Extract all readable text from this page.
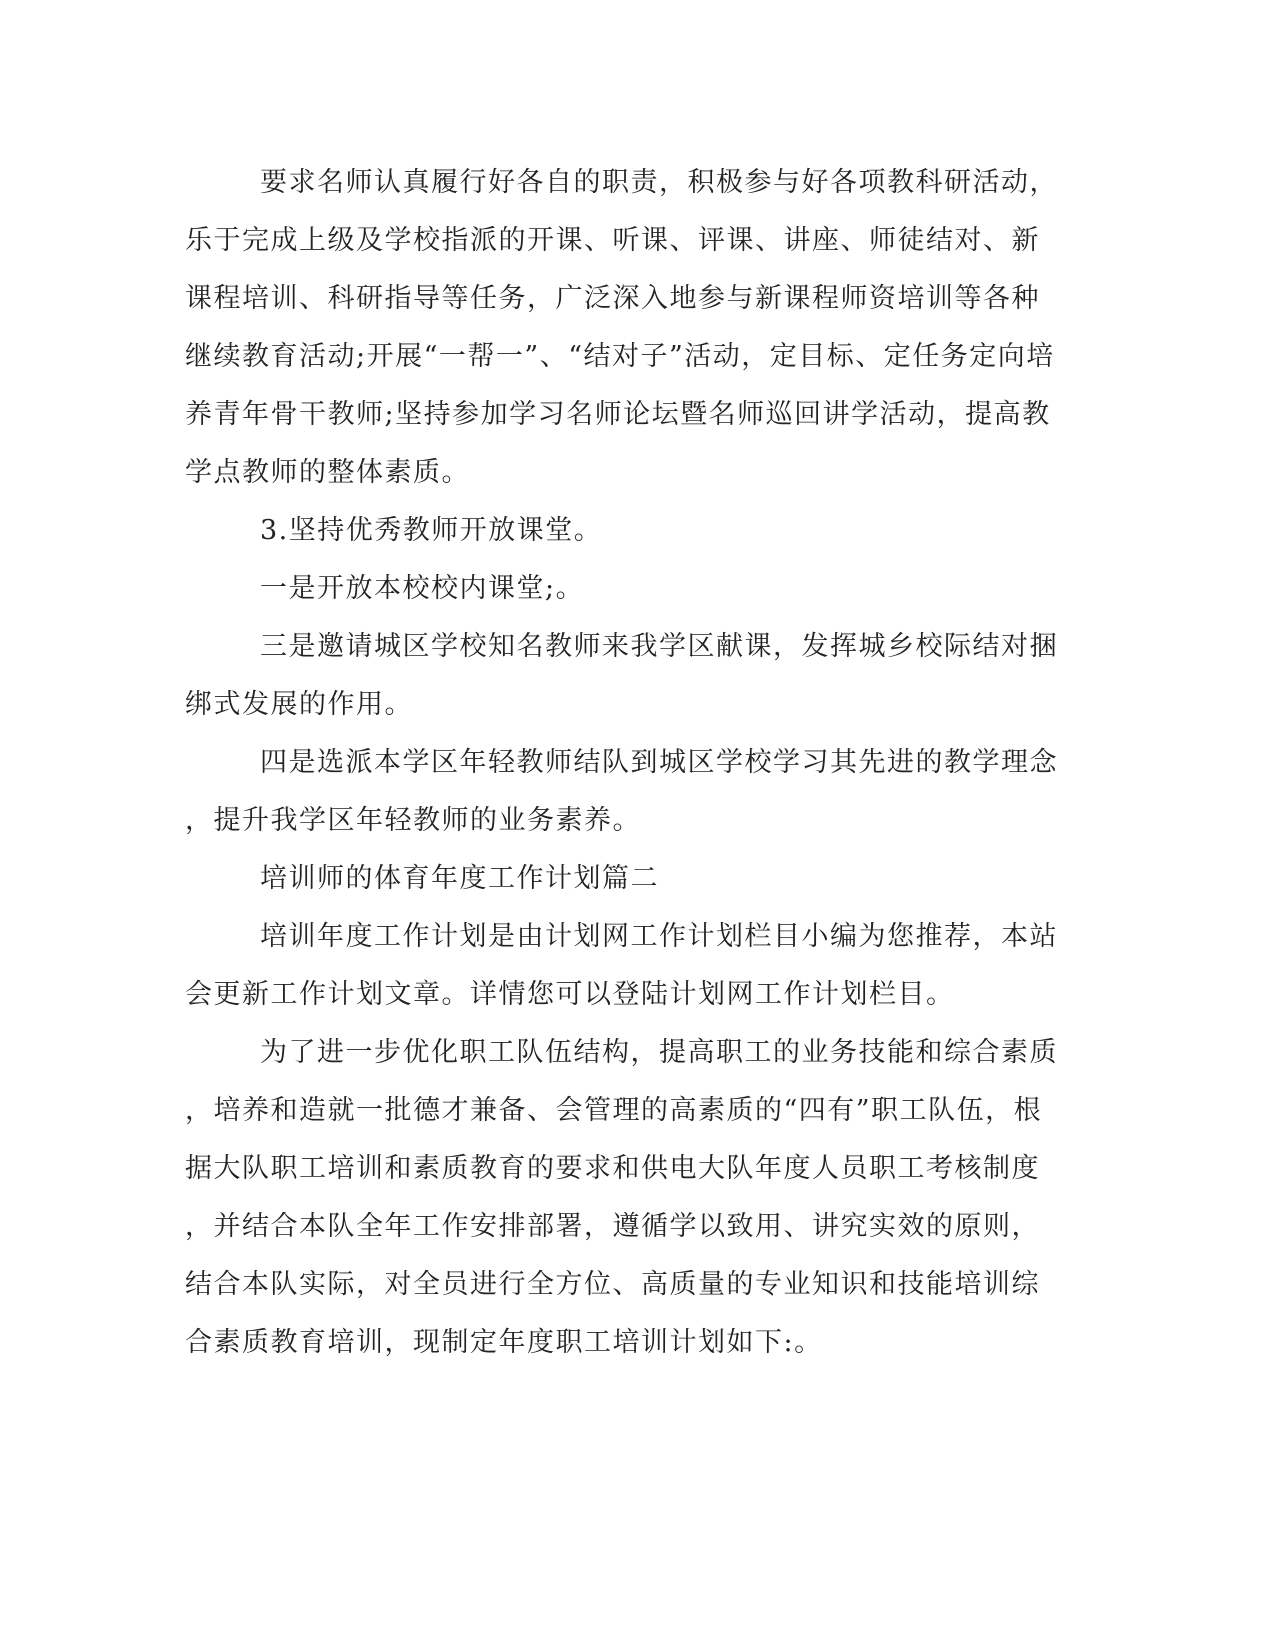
要求名师认真履行好各自的职责，积极参与好各项教科研活动，
乐于完成上级及学校指派的开课、听课、评课、讲座、师徒结对、新
课程培训、科研指导等任务，广泛深入地参与新课程师资培训等各种
继续教育活动;开展“一帮一”、“结对子”活动，定目标、定任务定向培
养青年骨干教师;坚持参加学习名师论坛暨名师巡回讲学活动，提高教
学点教师的整体素质。
3.坚持优秀教师开放课堂。
一是开放本校校内课堂;。
三是邀请城区学校知名教师来我学区献课，发挥城乡校际结对捆
绑式发展的作用。
四是选派本学区年轻教师结队到城区学校学习其先进的教学理念
，提升我学区年轻教师的业务素养。
培训师的体育年度工作计划篇二
培训年度工作计划是由计划网工作计划栏目小编为您推荐，本站
会更新工作计划文章。详情您可以登陆计划网工作计划栏目。
为了进一步优化职工队伍结构，提高职工的业务技能和综合素质
，培养和造就一批德才兼备、会管理的高素质的“四有”职工队伍，根
据大队职工培训和素质教育的要求和供电大队年度人员职工考核制度
，并结合本队全年工作安排部署，遵循学以致用、讲究实效的原则，
结合本队实际，对全员进行全方位、高质量的专业知识和技能培训综
合素质教育培训，现制定年度职工培训计划如下:。
